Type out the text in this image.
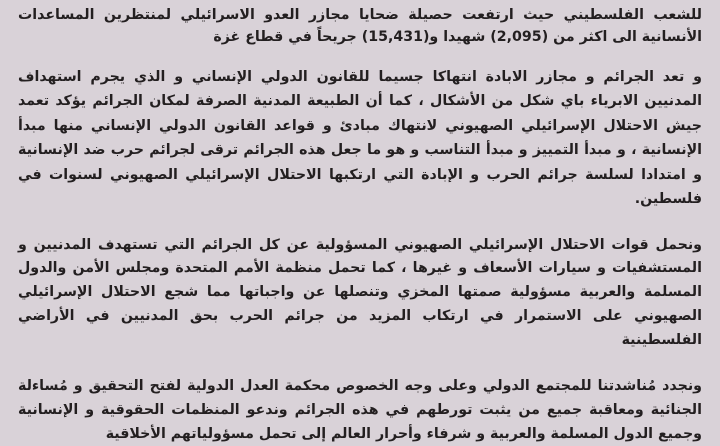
للشعب الفلسطيني حيث ارتفعت حصيلة ضحايا مجازر العدو الاسرائيلي لمنتظرين المساعدات الأنسانية الى اكثر من (2,095) شهيدا و(15,431) جريحاً في قطاع غزة

و تعد الجرائم و مجازر الابادة انتهاكا جسيما للقانون الدولي الإنساني و الذي يجرم استهداف المدنيين الابرياء باي شكل من الأشكال ، كما أن الطبيعة المدنية الصرفة لمكان الجرائم يؤكد تعمد جيش الاحتلال الإسرائيلي الصهيوني لانتهاك مبادئ و قواعد القانون الدولي الإنساني منها مبدأ الإنسانية ، و مبدأ التمييز و مبدأ التناسب و هو ما جعل هذه الجرائم ترقى لجرائم حرب ضد الإنسانية و امتدادا لسلسة جرائم الحرب و الإبادة التي ارتكبها الاحتلال الإسرائيلي الصهيوني لسنوات في فلسطين.

ونحمل قوات الاحتلال الإسرائيلي الصهيوني المسؤولية عن كل الجرائم التي تستهدف المدنيين و المستشفيات و سيارات الأسعاف و غيرها ، كما تحمل منظمة الأمم المتحدة ومجلس الأمن والدول المسلمة والعربية مسؤولية صمتها المخزي وتنصلها عن واجباتها مما شجع الاحتلال الإسرائيلي الصهيوني على الاستمرار في ارتكاب المزيد من جرائم الحرب بحق المدنيين في الأراضي الفلسطينية

ونجدد مُناشدتنا للمجتمع الدولي وعلى وجه الخصوص محكمة العدل الدولية لفتح التحقيق و مُساءلة الجنائية ومعاقبة جميع من يثبت تورطهم في هذه الجرائم وندعو المنظمات الحقوقية و الإنسانية وجميع الدول المسلمة والعربية و شرفاء وأحرار العالم إلى تحمل مسؤولياتهم الأخلاقية
